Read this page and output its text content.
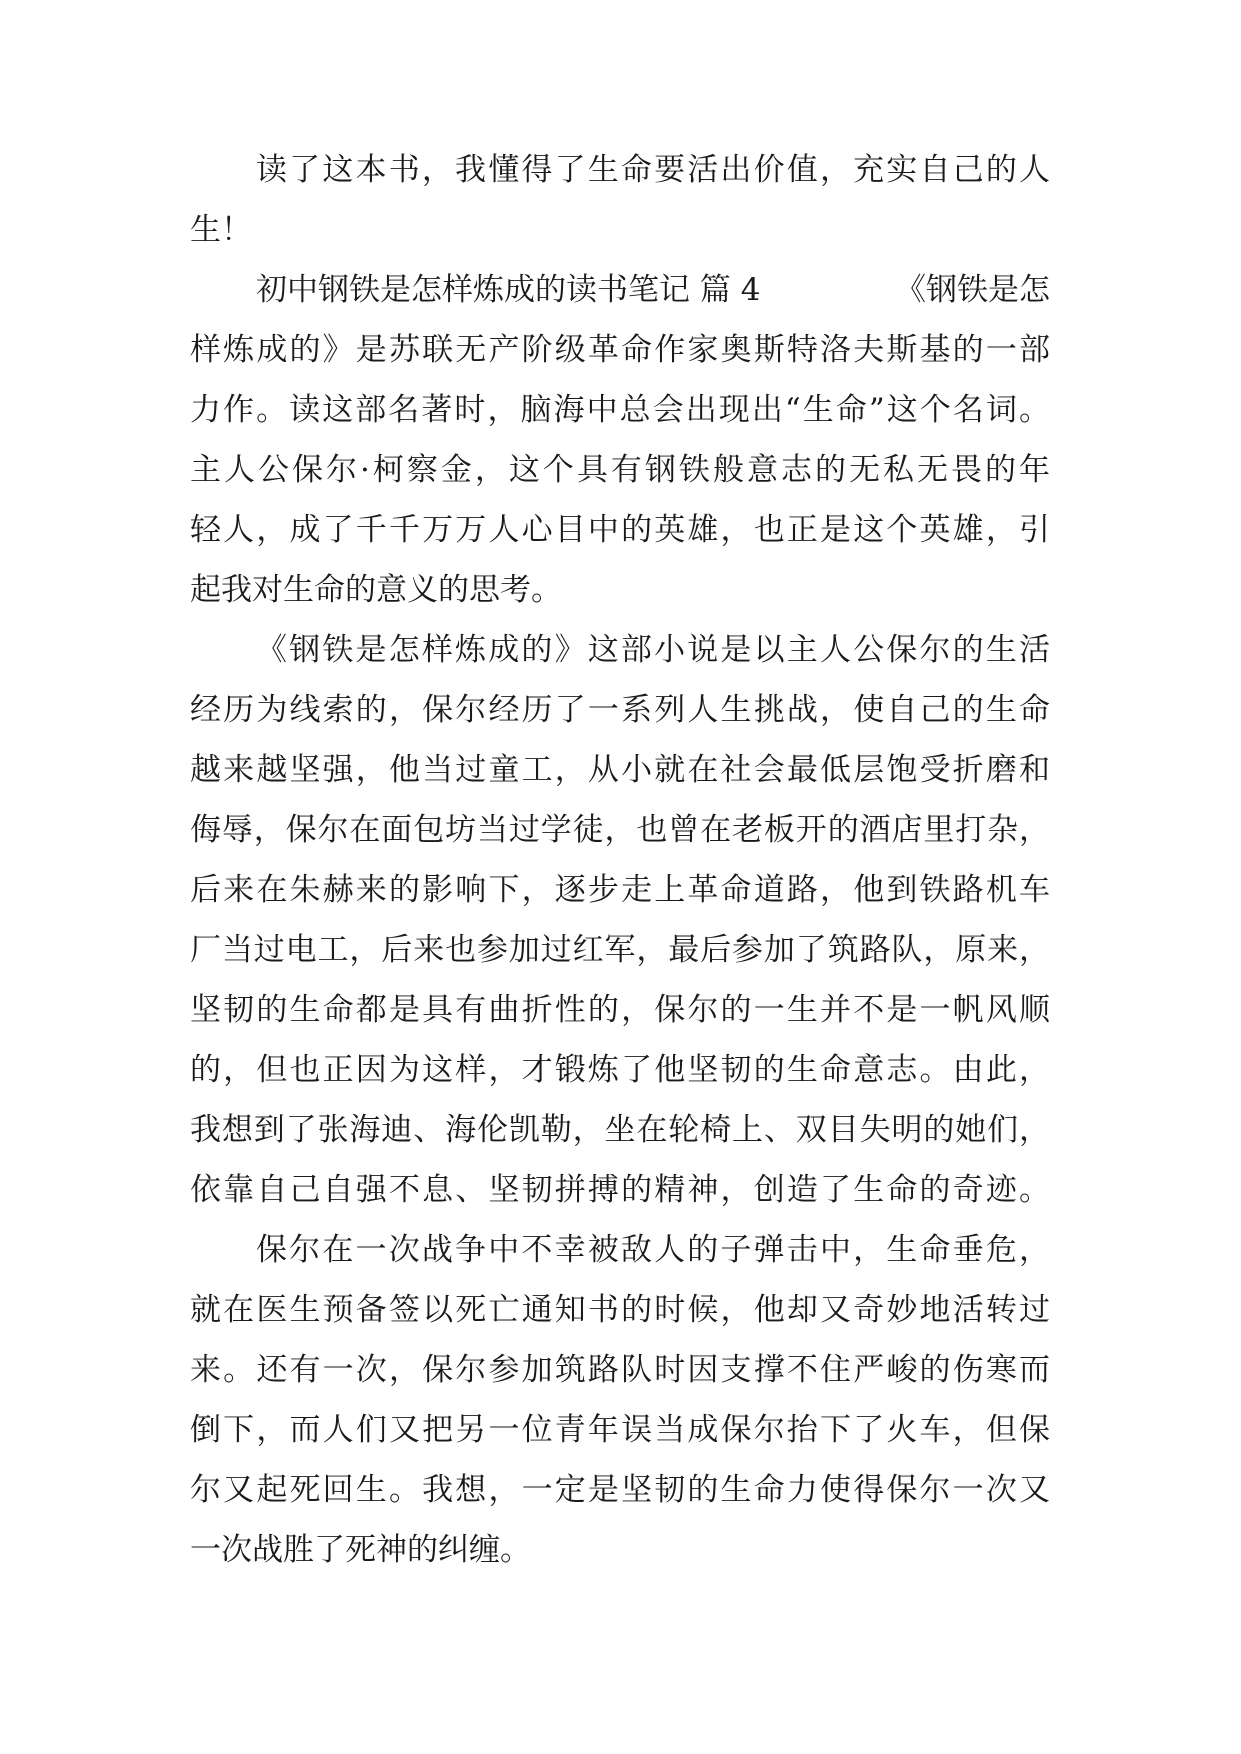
读了这本书，我懂得了生命要活出价值，充实自己的人
生！
初中钢铁是怎样炼成的读书笔记 篇 4	《钢铁是怎
样炼成的》是苏联无产阶级革命作家奥斯特洛夫斯基的一部
力作。读这部名著时，脑海中总会出现出“生命”这个名词。
主人公保尔·柯察金，这个具有钢铁般意志的无私无畏的年
轻人，成了千千万万人心目中的英雄，也正是这个英雄，引
起我对生命的意义的思考。
《钢铁是怎样炼成的》这部小说是以主人公保尔的生活
经历为线索的，保尔经历了一系列人生挑战，使自己的生命
越来越坚强，他当过童工，从小就在社会最低层饱受折磨和
侮辱，保尔在面包坊当过学徒，也曾在老板开的酒店里打杂，
后来在朱赫来的影响下，逐步走上革命道路，他到铁路机车
厂当过电工，后来也参加过红军，最后参加了筑路队，原来，
坚韧的生命都是具有曲折性的，保尔的一生并不是一帆风顺
的，但也正因为这样，才锻炼了他坚韧的生命意志。由此，
我想到了张海迪、海伦凯勒，坐在轮椅上、双目失明的她们，
依靠自己自强不息、坚韧拼搏的精神，创造了生命的奇迹。
保尔在一次战争中不幸被敌人的子弹击中，生命垂危，
就在医生预备签以死亡通知书的时候，他却又奇妙地活转过
来。还有一次，保尔参加筑路队时因支撑不住严峻的伤寒而
倒下，而人们又把另一位青年误当成保尔抬下了火车，但保
尔又起死回生。我想，一定是坚韧的生命力使得保尔一次又
一次战胜了死神的纠缠。
